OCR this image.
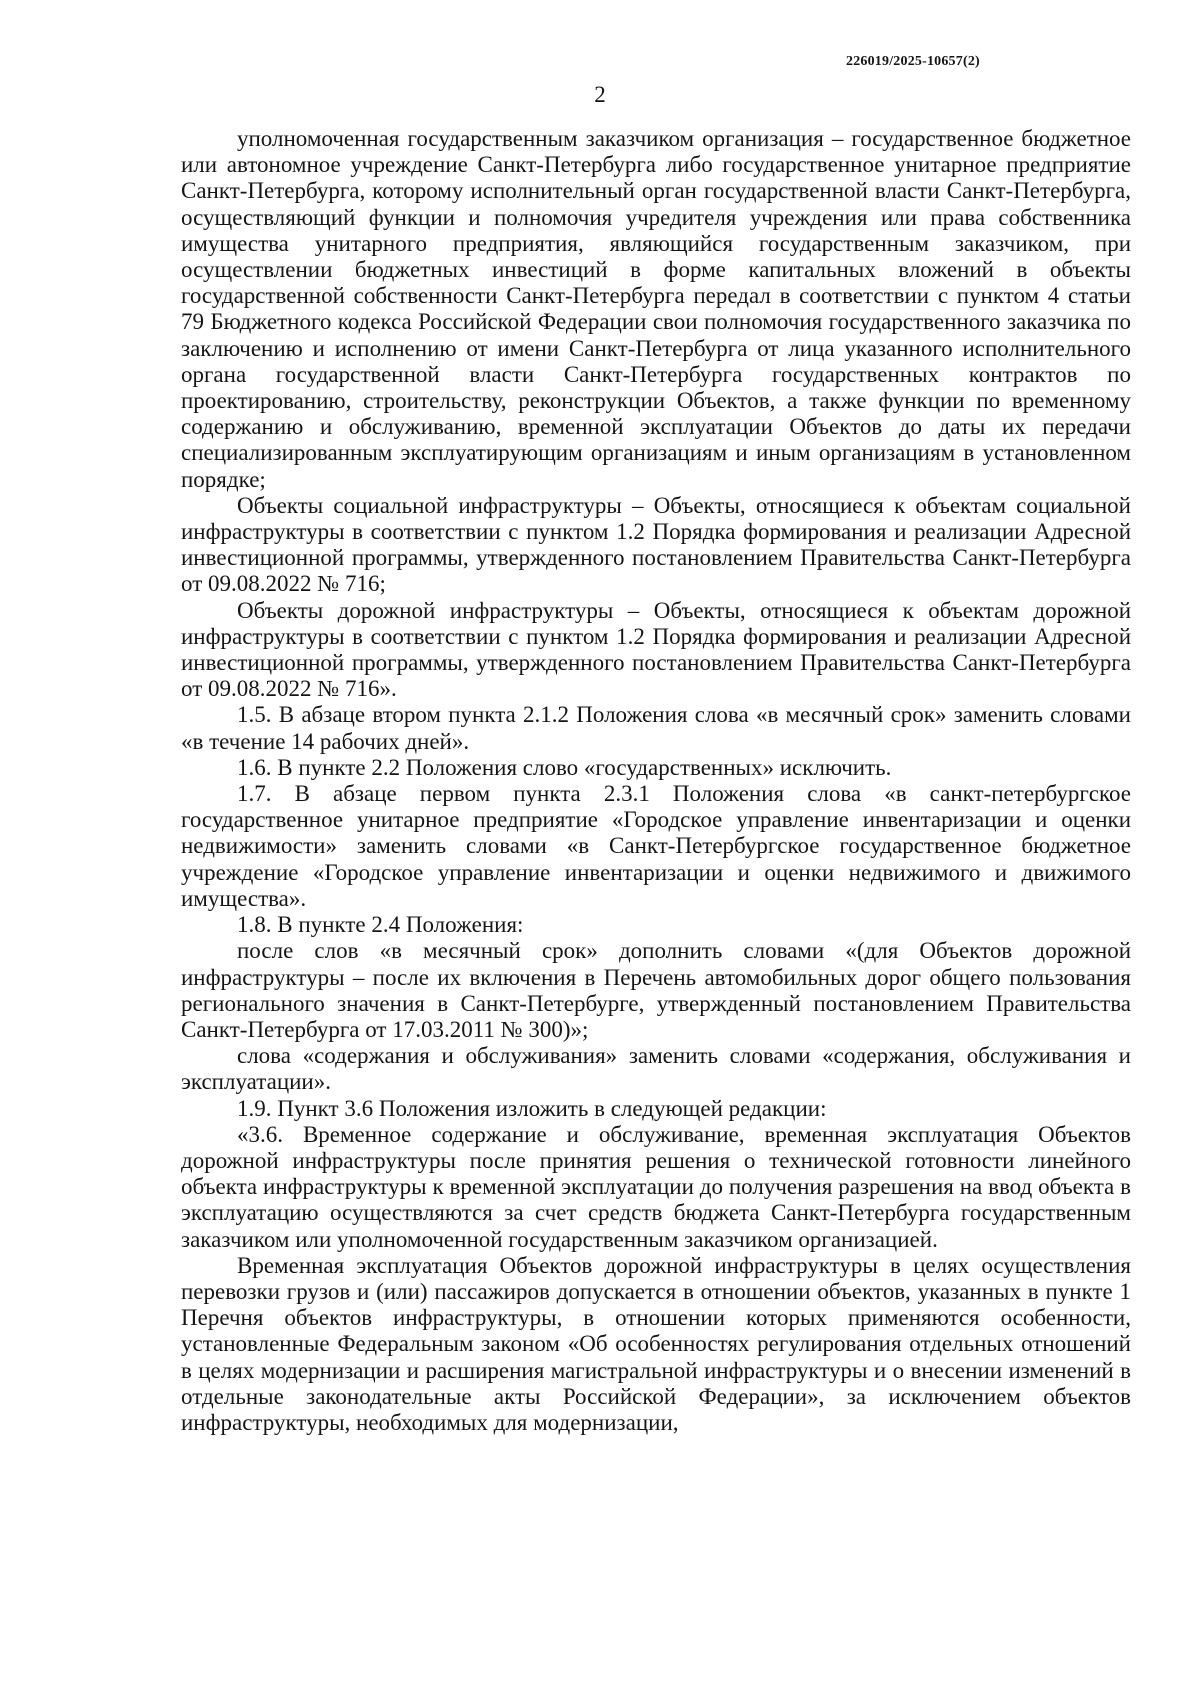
226019/2025-10657(2)
2

уполномоченная государственным заказчиком организация – государственное бюджетное или автономное учреждение Санкт-Петербурга либо государственное унитарное предприятие Санкт-Петербурга, которому исполнительный орган государственной власти Санкт-Петербурга, осуществляющий функции и полномочия учредителя учреждения или права собственника имущества унитарного предприятия, являющийся государственным заказчиком, при осуществлении бюджетных инвестиций в форме капитальных вложений в объекты государственной собственности Санкт-Петербурга передал в соответствии с пунктом 4 статьи 79 Бюджетного кодекса Российской Федерации свои полномочия государственного заказчика по заключению и исполнению от имени Санкт-Петербурга от лица указанного исполнительного органа государственной власти Санкт-Петербурга государственных контрактов по проектированию, строительству, реконструкции Объектов, а также функции по временному содержанию и обслуживанию, временной эксплуатации Объектов до даты их передачи специализированным эксплуатирующим организациям и иным организациям в установленном порядке;

Объекты социальной инфраструктуры – Объекты, относящиеся к объектам социальной инфраструктуры в соответствии с пунктом 1.2 Порядка формирования и реализации Адресной инвестиционной программы, утвержденного постановлением Правительства Санкт-Петербурга от 09.08.2022 № 716;

Объекты дорожной инфраструктуры – Объекты, относящиеся к объектам дорожной инфраструктуры в соответствии с пунктом 1.2 Порядка формирования и реализации Адресной инвестиционной программы, утвержденного постановлением Правительства Санкт-Петербурга от 09.08.2022 № 716».

1.5. В абзаце втором пункта 2.1.2 Положения слова «в месячный срок» заменить словами «в течение 14 рабочих дней».

1.6. В пункте 2.2 Положения слово «государственных» исключить.

1.7. В абзаце первом пункта 2.3.1 Положения слова «в санкт-петербургское государственное унитарное предприятие «Городское управление инвентаризации и оценки недвижимости» заменить словами «в Санкт-Петербургское государственное бюджетное учреждение «Городское управление инвентаризации и оценки недвижимого и движимого имущества».

1.8. В пункте 2.4 Положения:

после слов «в месячный срок» дополнить словами «(для Объектов дорожной инфраструктуры – после их включения в Перечень автомобильных дорог общего пользования регионального значения в Санкт-Петербурге, утвержденный постановлением Правительства Санкт-Петербурга от 17.03.2011 № 300)»;

слова «содержания и обслуживания» заменить словами «содержания, обслуживания и эксплуатации».

1.9. Пункт 3.6 Положения изложить в следующей редакции:

«3.6. Временное содержание и обслуживание, временная эксплуатация Объектов дорожной инфраструктуры после принятия решения о технической готовности линейного объекта инфраструктуры к временной эксплуатации до получения разрешения на ввод объекта в эксплуатацию осуществляются за счет средств бюджета Санкт-Петербурга государственным заказчиком или уполномоченной государственным заказчиком организацией.

Временная эксплуатация Объектов дорожной инфраструктуры в целях осуществления перевозки грузов и (или) пассажиров допускается в отношении объектов, указанных в пункте 1 Перечня объектов инфраструктуры, в отношении которых применяются особенности, установленные Федеральным законом «Об особенностях регулирования отдельных отношений в целях модернизации и расширения магистральной инфраструктуры и о внесении изменений в отдельные законодательные акты Российской Федерации», за исключением объектов инфраструктуры, необходимых для модернизации,
